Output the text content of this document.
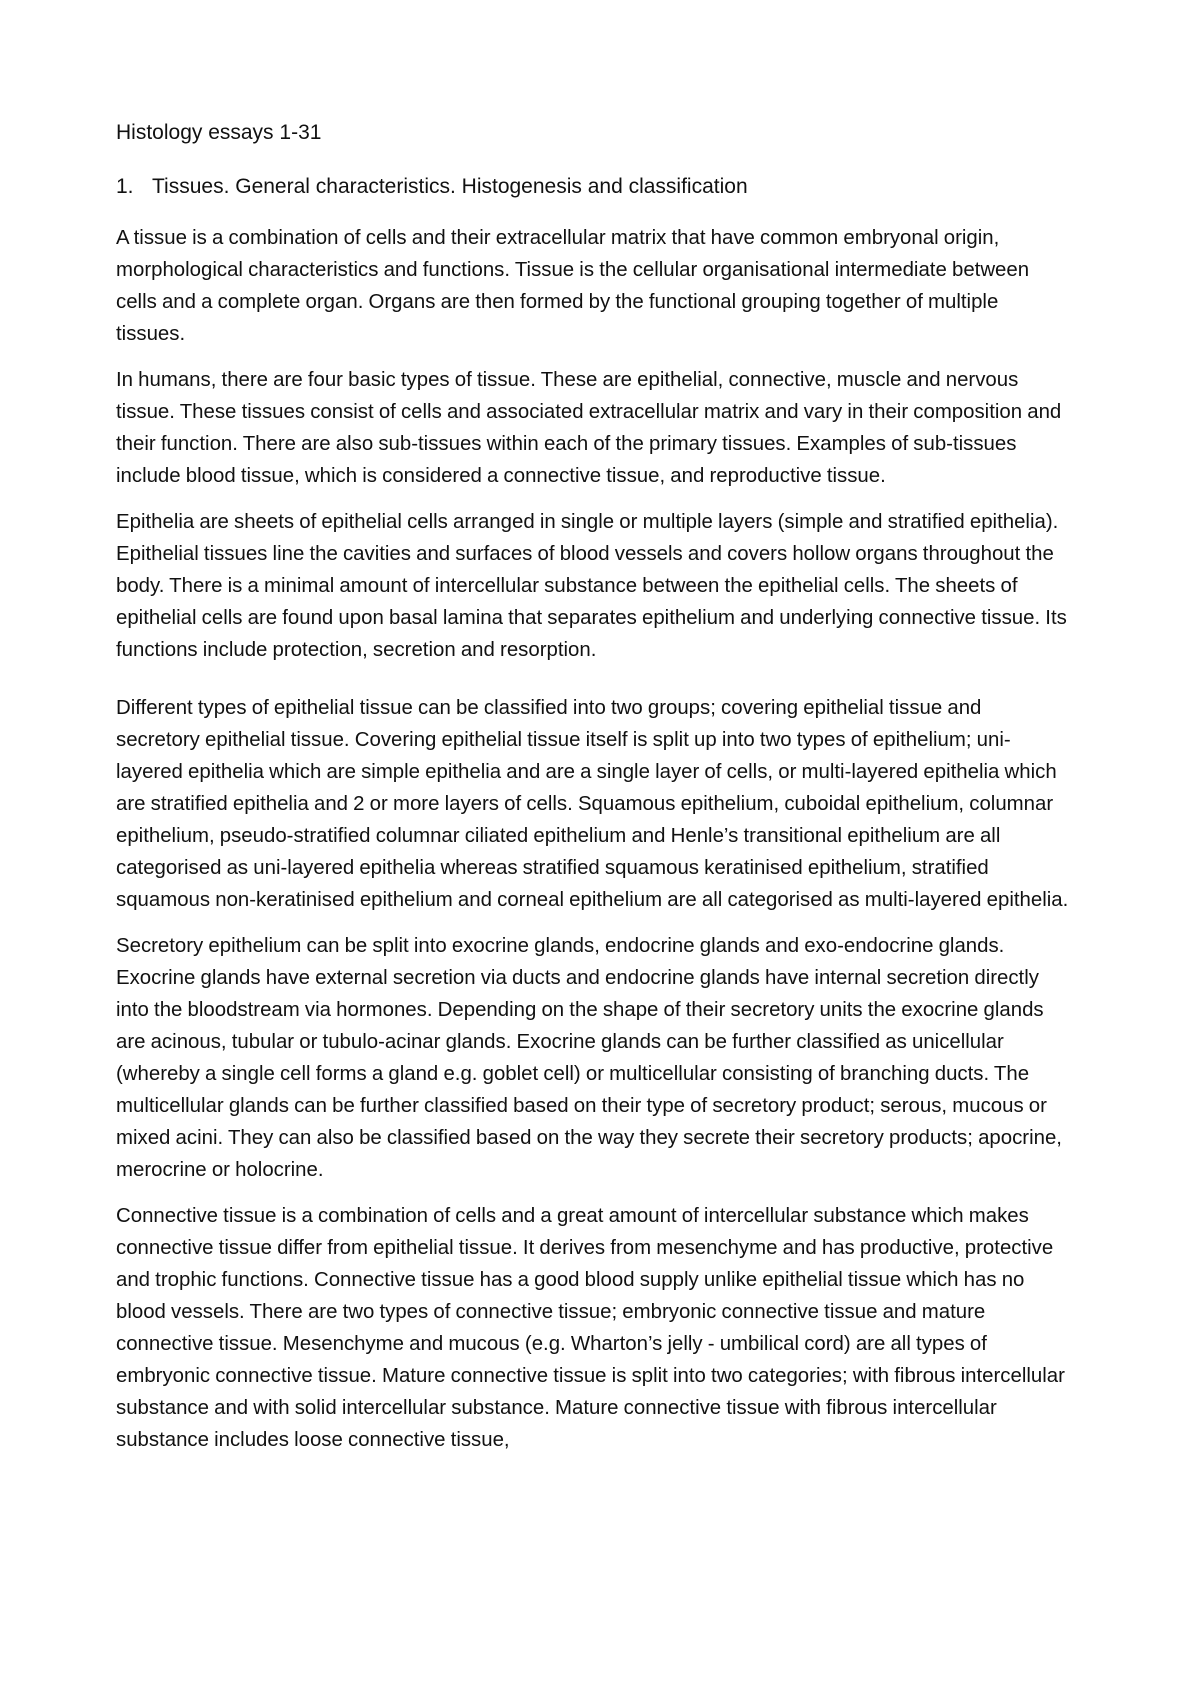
Histology essays 1-31
1. Tissues. General characteristics. Histogenesis and classification

A tissue is a combination of cells and their extracellular matrix that have common embryonal origin, morphological characteristics and functions. Tissue is the cellular organisational intermediate between cells and a complete organ. Organs are then formed by the functional grouping together of multiple tissues.

In humans, there are four basic types of tissue. These are epithelial, connective, muscle and nervous tissue. These tissues consist of cells and associated extracellular matrix and vary in their composition and their function. There are also sub-tissues within each of the primary tissues. Examples of sub-tissues include blood tissue, which is considered a connective tissue, and reproductive tissue.

Epithelia are sheets of epithelial cells arranged in single or multiple layers (simple and stratified epithelia). Epithelial tissues line the cavities and surfaces of blood vessels and covers hollow organs throughout the body. There is a minimal amount of intercellular substance between the epithelial cells. The sheets of epithelial cells are found upon basal lamina that separates epithelium and underlying connective tissue. Its functions include protection, secretion and resorption.

Different types of epithelial tissue can be classified into two groups; covering epithelial tissue and secretory epithelial tissue. Covering epithelial tissue itself is split up into two types of epithelium; uni-layered epithelia which are simple epithelia and are a single layer of cells, or multi-layered epithelia which are stratified epithelia and 2 or more layers of cells. Squamous epithelium, cuboidal epithelium, columnar epithelium, pseudo-stratified columnar ciliated epithelium and Henle’s transitional epithelium are all categorised as uni-layered epithelia whereas stratified squamous keratinised epithelium, stratified squamous non-keratinised epithelium and corneal epithelium are all categorised as multi-layered epithelia.

Secretory epithelium can be split into exocrine glands, endocrine glands and exo-endocrine glands. Exocrine glands have external secretion via ducts and endocrine glands have internal secretion directly into the bloodstream via hormones. Depending on the shape of their secretory units the exocrine glands are acinous, tubular or tubulo-acinar glands. Exocrine glands can be further classified as unicellular (whereby a single cell forms a gland e.g. goblet cell) or multicellular consisting of branching ducts. The multicellular glands can be further classified based on their type of secretory product; serous, mucous or mixed acini. They can also be classified based on the way they secrete their secretory products; apocrine, merocrine or holocrine.

Connective tissue is a combination of cells and a great amount of intercellular substance which makes connective tissue differ from epithelial tissue. It derives from mesenchyme and has productive, protective and trophic functions. Connective tissue has a good blood supply unlike epithelial tissue which has no blood vessels. There are two types of connective tissue; embryonic connective tissue and mature connective tissue. Mesenchyme and mucous (e.g. Wharton’s jelly - umbilical cord) are all types of embryonic connective tissue. Mature connective tissue is split into two categories; with fibrous intercellular substance and with solid intercellular substance. Mature connective tissue with fibrous intercellular substance includes loose connective tissue,
